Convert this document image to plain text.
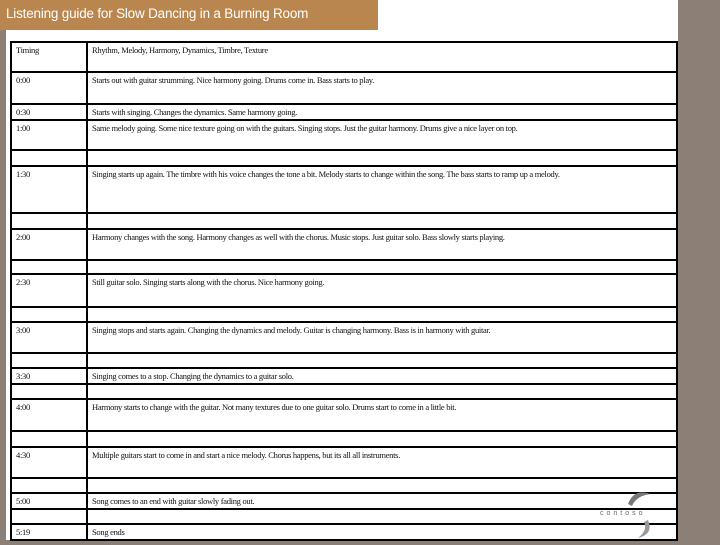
Listening guide for Slow Dancing in a Burning Room
Timing	Rhythm, Melody, Harmony, Dynamics, Timbre, Texture
0:00	Starts out with guitar strumming. Nice harmony going. Drums come in. Bass starts to play.
0:30	Starts with singing. Changes the dynamics. Same harmony going.
1:00	Same melody going. Some nice texture going on with the guitars. Singing stops. Just the guitar harmony. Drums give a nice layer on top.

1:30	Singing starts up again. The timbre with his voice changes the tone a bit. Melody starts to change within the song. The bass starts to ramp up a melody.

2:00	Harmony changes with the song. Harmony changes as well with the chorus. Music stops. Just guitar solo. Bass slowly starts playing.

2:30	Still guitar solo. Singing starts along with the chorus. Nice harmony going.

3:00	Singing stops and starts again. Changing the dynamics and melody. Guitar is changing harmony. Bass is in harmony with guitar.

3:30	Singing comes to a stop. Changing the dynamics to a guitar solo.

4:00	Harmony starts to change with the guitar. Not many textures due to one guitar solo. Drums start to come in a little bit.

4:30	Multiple guitars start to come in and start a nice melody. Chorus happens, but its all all instruments.

5:00	Song comes to an end with guitar slowly fading out.

5:19	Song ends
contoso
